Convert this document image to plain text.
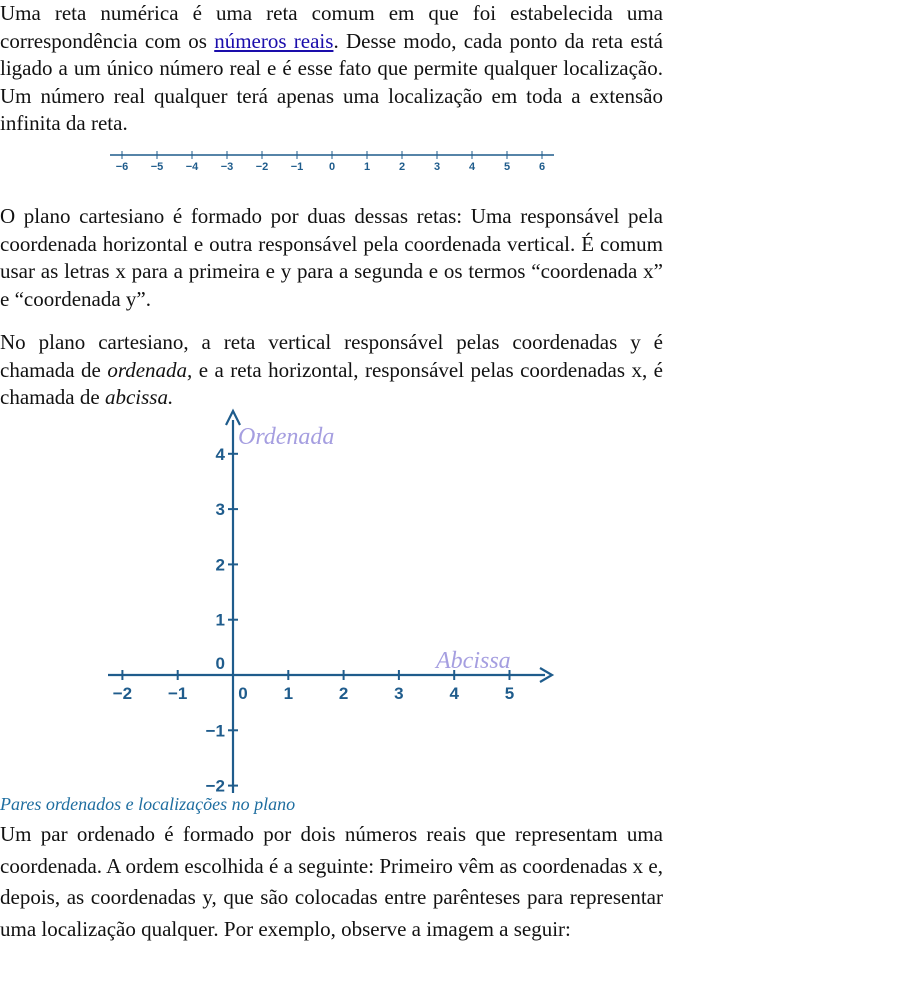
Uma reta numérica é uma reta comum em que foi estabelecida uma correspondência com os números reais. Desse modo, cada ponto da reta está ligado a um único número real e é esse fato que permite qualquer localização. Um número real qualquer terá apenas uma localização em toda a extensão infinita da reta.

−6 −5 −4 −3 −2 −1 0	1	2	3	4	5	6
−2 −1	0 1	2	3	4	5
4
3
2
1
0
−1
−2
Ordenada
Abcissa

O plano cartesiano é formado por duas dessas retas: Uma responsável pela coordenada horizontal e outra responsável pela coordenada vertical. É comum usar as letras x para a primeira e y para a segunda e os termos “coordenada x” e “coordenada y”.

No plano cartesiano, a reta vertical responsável pelas coordenadas y é chamada de ordenada, e a reta horizontal, responsável pelas coordenadas x, é chamada de abcissa.

Pares ordenados e localizações no plano

Um par ordenado é formado por dois números reais que representam uma coordenada. A ordem escolhida é a seguinte: Primeiro vêm as coordenadas x e, depois, as coordenadas y, que são colocadas entre parênteses para representar uma localização qualquer. Por exemplo, observe a imagem a seguir:
